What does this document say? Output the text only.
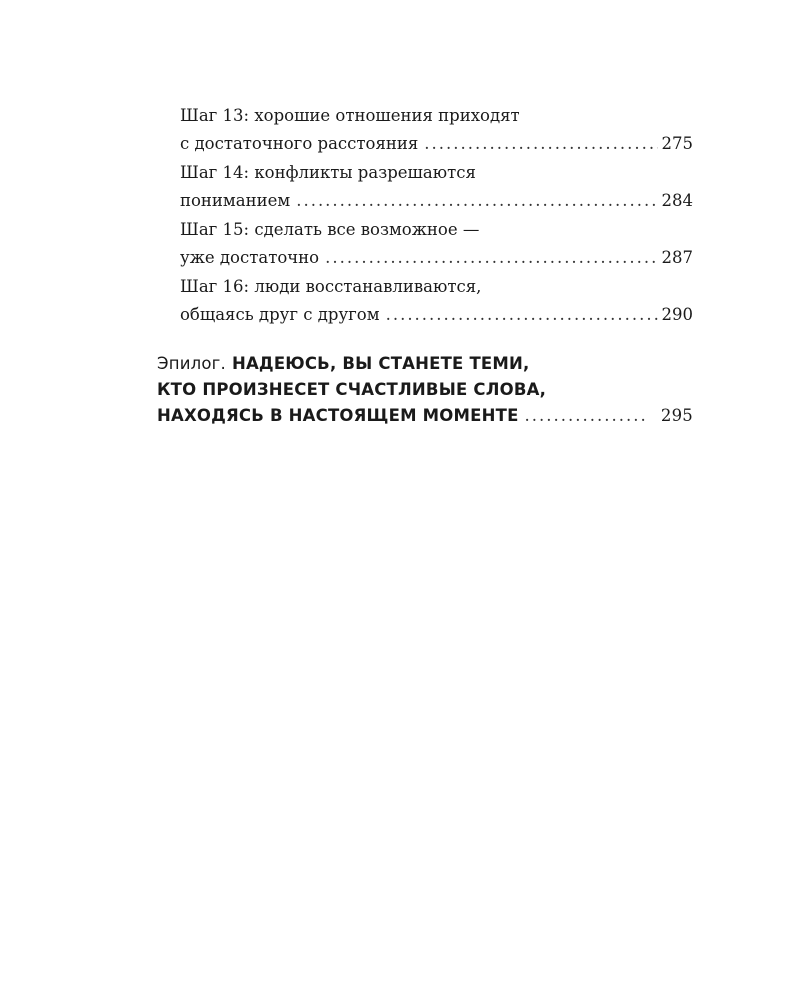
Шаг 13: хорошие отношения приходят
с достаточного расстояния .....	275
Шаг 14: конфликты разрешаются
пониманием .....	284
Шаг 15: сделать все возможное —
уже достаточно .....	287
Шаг 16: люди восстанавливаются,
общаясь друг с другом .....	290
Эпилог. НАДЕЮСЬ, ВЫ СТАНЕТЕ ТЕМИ,
КТО ПРОИЗНЕСЕТ СЧАСТЛИВЫЕ СЛОВА,
НАХОДЯСЬ В НАСТОЯЩЕМ МОМЕНТЕ .....	295
